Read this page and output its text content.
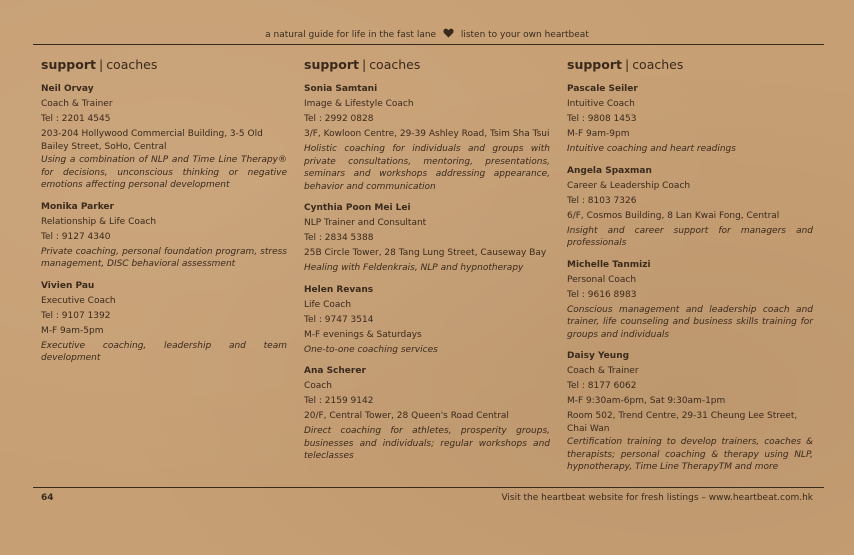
a natural guide for life in the fast lane	listen to your own heartbeat
support | coaches
Neil Orvay
Coach & Trainer
Tel : 2201 4545
203-204 Hollywood Commercial Building, 3-5 Old Bailey Street, SoHo, Central
Using a combination of NLP and Time Line Therapy® for decisions, unconscious thinking or negative emotions affecting personal development
Monika Parker
Relationship & Life Coach
Tel : 9127 4340
Private coaching, personal foundation program, stress management, DISC behavioral assessment
Vivien Pau
Executive Coach
Tel : 9107 1392
M-F 9am-5pm
Executive coaching, leadership and team development
support | coaches
Sonia Samtani
Image & Lifestyle Coach
Tel : 2992 0828
3/F, Kowloon Centre, 29-39 Ashley Road, Tsim Sha Tsui
Holistic coaching for individuals and groups with private consultations, mentoring, presentations, seminars and workshops addressing appearance, behavior and communication
Cynthia Poon Mei Lei
NLP Trainer and Consultant
Tel : 2834 5388
25B Circle Tower, 28 Tang Lung Street, Causeway Bay
Healing with Feldenkrais, NLP and hypnotherapy
Helen Revans
Life Coach
Tel : 9747 3514
M-F evenings & Saturdays
One-to-one coaching services
Ana Scherer
Coach
Tel : 2159 9142
20/F, Central Tower, 28 Queen's Road Central
Direct coaching for athletes, prosperity groups, businesses and individuals; regular workshops and teleclasses
support | coaches
Pascale Seiler
Intuitive Coach
Tel : 9808 1453
M-F 9am-9pm
Intuitive coaching and heart readings
Angela Spaxman
Career & Leadership Coach
Tel : 8103 7326
6/F, Cosmos Building, 8 Lan Kwai Fong, Central
Insight and career support for managers and professionals
Michelle Tanmizi
Personal Coach
Tel : 9616 8983
Conscious management and leadership coach and trainer, life counseling and business skills training for groups and individuals
Daisy Yeung
Coach & Trainer
Tel : 8177 6062
M-F 9:30am-6pm, Sat 9:30am-1pm
Room 502, Trend Centre, 29-31 Cheung Lee Street, Chai Wan
Certification training to develop trainers, coaches & therapists; personal coaching & therapy using NLP, hypnotherapy, Time Line TherapyTM and more
64	Visit the heartbeat website for fresh listings – www.heartbeat.com.hk
